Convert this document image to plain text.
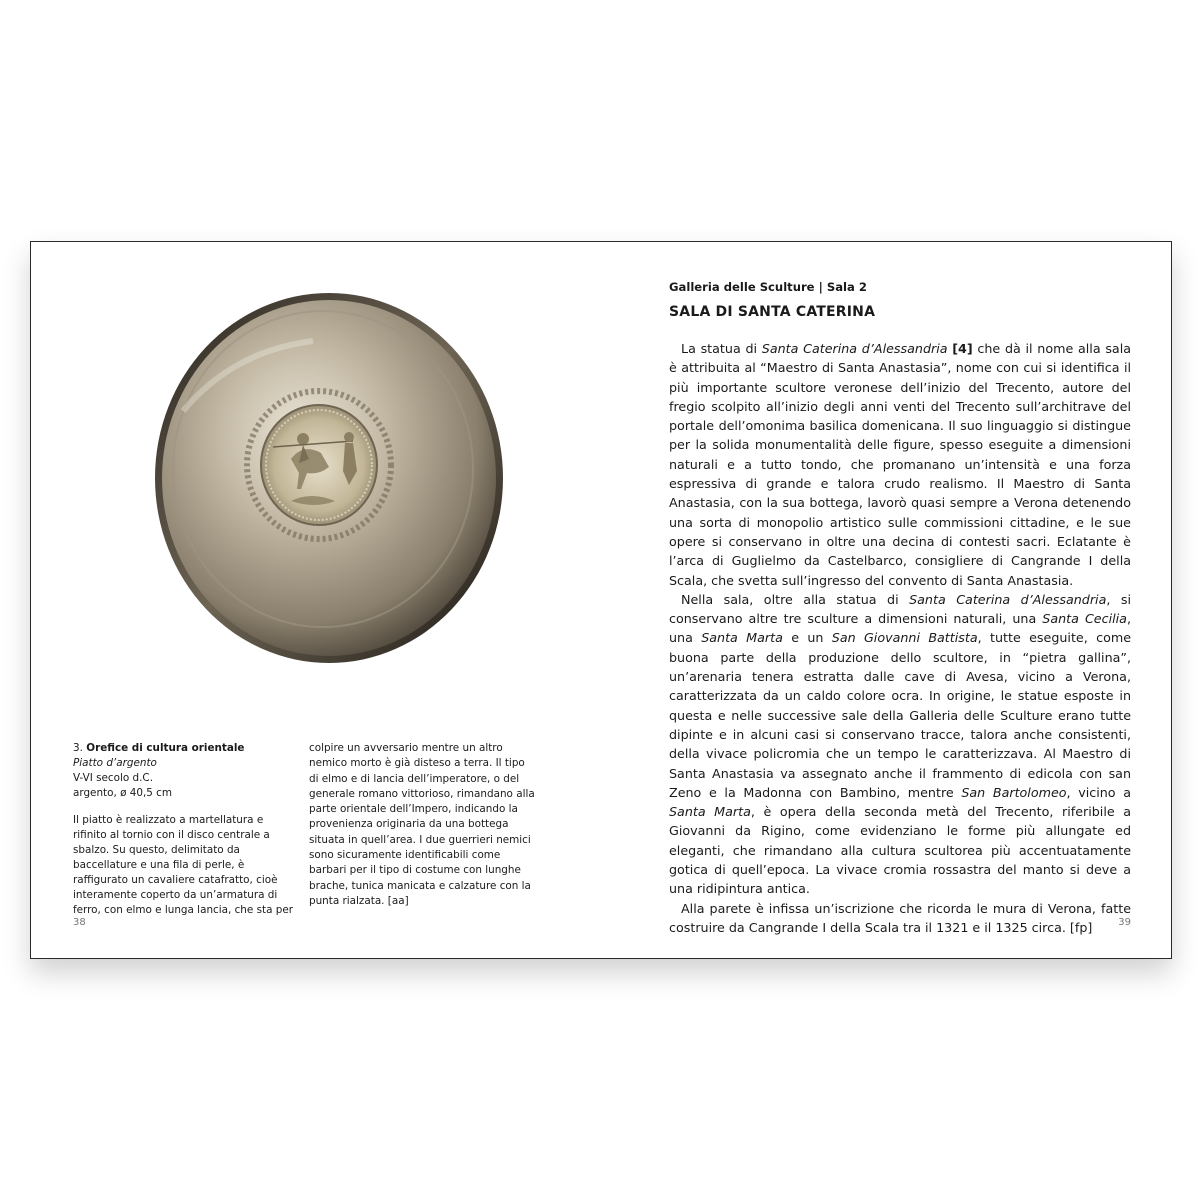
3. Orefice di cultura orientale
Piatto d’argento
V-VI secolo d.C.
argento, ø 40,5 cm
Il piatto è realizzato a martellatura e rifinito al tornio con il disco centrale a sbalzo. Su questo, delimitato da baccellature e una fila di perle, è raffigurato un cavaliere catafratto, cioè interamente coperto da un’armatura di ferro, con elmo e lunga lancia, che sta per
colpire un avversario mentre un altro nemico morto è già disteso a terra. Il tipo di elmo e di lancia dell’imperatore, o del generale romano vittorioso, rimandano alla parte orientale dell’Impero, indicando la provenienza originaria da una bottega situata in quell’area. I due guerrieri nemici sono sicuramente identificabili come barbari per il tipo di costume con lunghe brache, tunica manicata e calzature con la punta rialzata. [aa]
38
Galleria delle Sculture | Sala 2
SALA DI SANTA CATERINA

La statua di Santa Caterina d’Alessandria [4] che dà il nome alla sala è attribuita al “Maestro di Santa Anastasia”, nome con cui si identifica il più importante scultore veronese dell’inizio del Trecento, autore del fregio scolpito all’inizio degli anni venti del Trecento sull’architrave del portale dell’omonima basilica domenicana. Il suo linguaggio si distingue per la solida monumentalità delle figure, spesso eseguite a dimensioni naturali e a tutto tondo, che promanano un’intensità e una forza espressiva di grande e talora crudo realismo. Il Maestro di Santa Anastasia, con la sua bottega, lavorò quasi sempre a Verona detenendo una sorta di monopolio artistico sulle commissioni cittadine, e le sue opere si conservano in oltre una decina di contesti sacri. Eclatante è l’arca di Guglielmo da Castelbarco, consigliere di Cangrande I della Scala, che svetta sull’ingresso del convento di Santa Anastasia.

Nella sala, oltre alla statua di Santa Caterina d’Alessandria, si conservano altre tre sculture a dimensioni naturali, una Santa Cecilia, una Santa Marta e un San Giovanni Battista, tutte eseguite, come buona parte della produzione dello scultore, in “pietra gallina”, un’arenaria tenera estratta dalle cave di Avesa, vicino a Verona, caratterizzata da un caldo colore ocra. In origine, le statue esposte in questa e nelle successive sale della Galleria delle Sculture erano tutte dipinte e in alcuni casi si conservano tracce, talora anche consistenti, della vivace policromia che un tempo le caratterizzava. Al Maestro di Santa Anastasia va assegnato anche il frammento di edicola con san Zeno e la Madonna con Bambino, mentre San Bartolomeo, vicino a Santa Marta, è opera della seconda metà del Trecento, riferibile a Giovanni da Rigino, come evidenziano le forme più allungate ed eleganti, che rimandano alla cultura scultorea più accentuatamente gotica di quell’epoca. La vivace cromia rossastra del manto si deve a una ridipintura antica.

Alla parete è infissa un’iscrizione che ricorda le mura di Verona, fatte costruire da Cangrande I della Scala tra il 1321 e il 1325 circa. [fp]	39
